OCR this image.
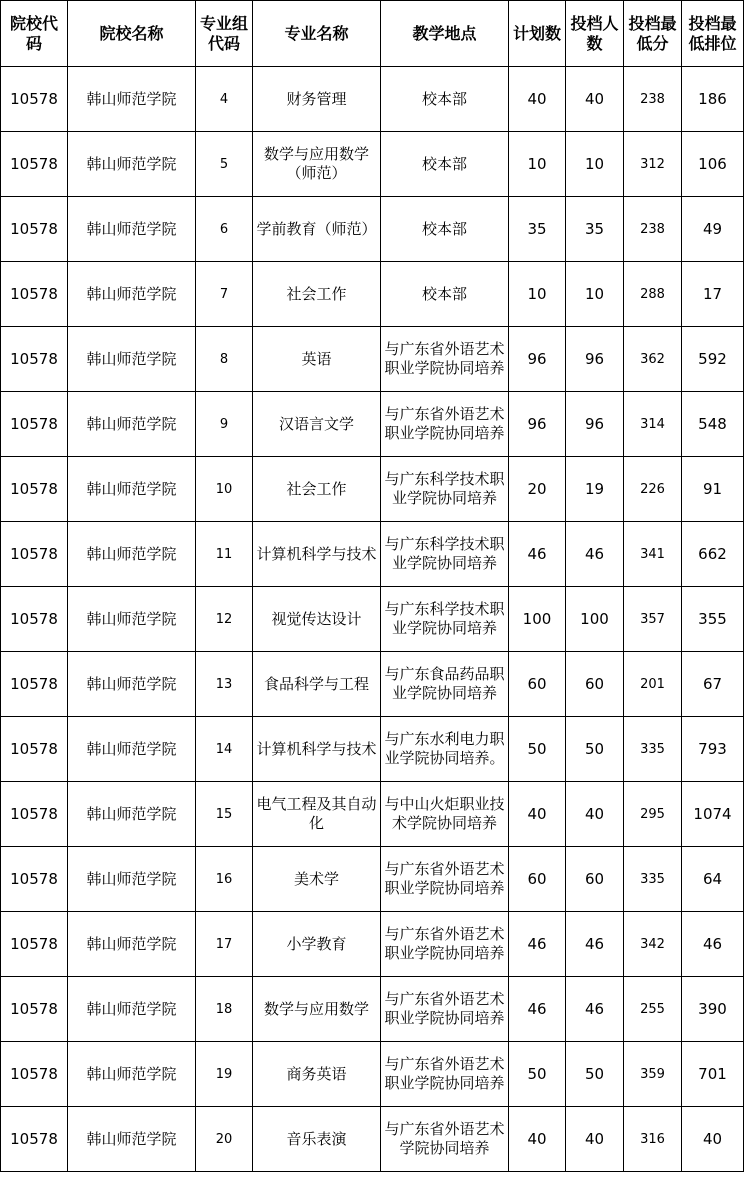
院校代码	院校名称	专业组代码	专业名称	教学地点	计划数	投档人数	投档最低分	投档最低排位
10578	韩山师范学院	4	财务管理	校本部	40	40	238	186
10578	韩山师范学院	5	数学与应用数学（师范）	校本部	10	10	312	106
10578	韩山师范学院	6	学前教育（师范）	校本部	35	35	238	49
10578	韩山师范学院	7	社会工作	校本部	10	10	288	17
10578	韩山师范学院	8	英语	与广东省外语艺术职业学院协同培养	96	96	362	592
10578	韩山师范学院	9	汉语言文学	与广东省外语艺术职业学院协同培养	96	96	314	548
10578	韩山师范学院	10	社会工作	与广东科学技术职业学院协同培养	20	19	226	91
10578	韩山师范学院	11	计算机科学与技术	与广东科学技术职业学院协同培养	46	46	341	662
10578	韩山师范学院	12	视觉传达设计	与广东科学技术职业学院协同培养	100	100	357	355
10578	韩山师范学院	13	食品科学与工程	与广东食品药品职业学院协同培养	60	60	201	67
10578	韩山师范学院	14	计算机科学与技术	与广东水利电力职业学院协同培养。	50	50	335	793
10578	韩山师范学院	15	电气工程及其自动化	与中山火炬职业技术学院协同培养	40	40	295	1074
10578	韩山师范学院	16	美术学	与广东省外语艺术职业学院协同培养	60	60	335	64
10578	韩山师范学院	17	小学教育	与广东省外语艺术职业学院协同培养	46	46	342	46
10578	韩山师范学院	18	数学与应用数学	与广东省外语艺术职业学院协同培养	46	46	255	390
10578	韩山师范学院	19	商务英语	与广东省外语艺术职业学院协同培养	50	50	359	701
10578	韩山师范学院	20	音乐表演	与广东省外语艺术学院协同培养	40	40	316	40
